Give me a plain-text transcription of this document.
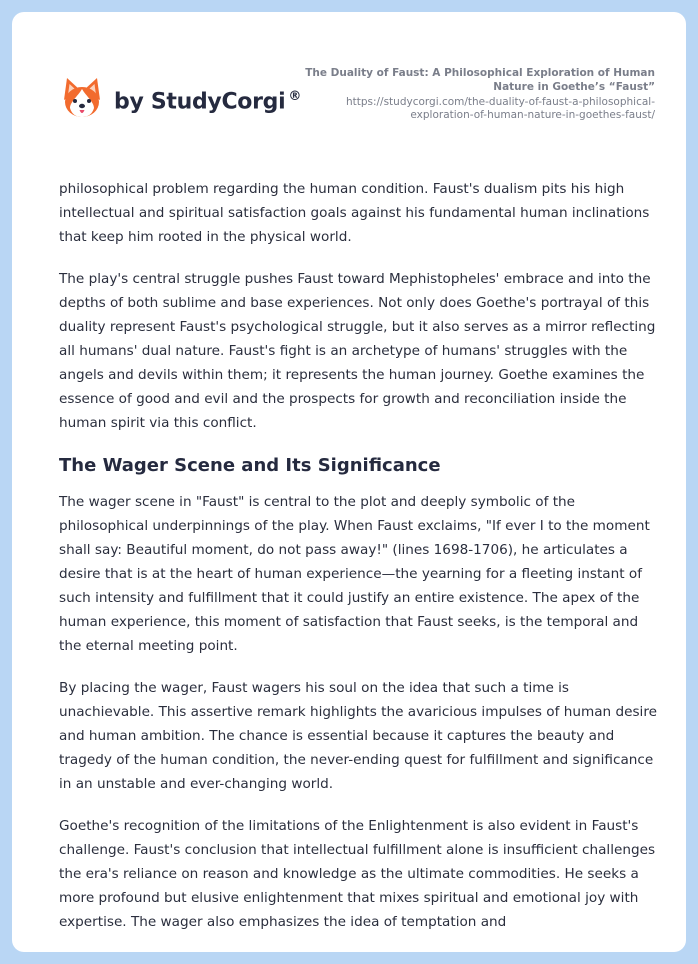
by StudyCorgi ®
The Duality of Faust: A Philosophical Exploration of Human Nature in Goethe’s “Faust”
https://studycorgi.com/the-duality-of-faust-a-philosophical-exploration-of-human-nature-in-goethes-faust/

philosophical problem regarding the human condition. Faust's dualism pits his high intellectual and spiritual satisfaction goals against his fundamental human inclinations that keep him rooted in the physical world.

The play's central struggle pushes Faust toward Mephistopheles' embrace and into the depths of both sublime and base experiences. Not only does Goethe's portrayal of this duality represent Faust's psychological struggle, but it also serves as a mirror reflecting all humans' dual nature. Faust's fight is an archetype of humans' struggles with the angels and devils within them; it represents the human journey. Goethe examines the essence of good and evil and the prospects for growth and reconciliation inside the human spirit via this conflict.

The Wager Scene and Its Significance

The wager scene in "Faust" is central to the plot and deeply symbolic of the philosophical underpinnings of the play. When Faust exclaims, "If ever I to the moment shall say: Beautiful moment, do not pass away!" (lines 1698-1706), he articulates a desire that is at the heart of human experience—the yearning for a fleeting instant of such intensity and fulfillment that it could justify an entire existence. The apex of the human experience, this moment of satisfaction that Faust seeks, is the temporal and the eternal meeting point.

By placing the wager, Faust wagers his soul on the idea that such a time is unachievable. This assertive remark highlights the avaricious impulses of human desire and human ambition. The chance is essential because it captures the beauty and tragedy of the human condition, the never-ending quest for fulfillment and significance in an unstable and ever-changing world.

Goethe's recognition of the limitations of the Enlightenment is also evident in Faust's challenge. Faust's conclusion that intellectual fulfillment alone is insufficient challenges the era's reliance on reason and knowledge as the ultimate commodities. He seeks a more profound but elusive enlightenment that mixes spiritual and emotional joy with expertise. The wager also emphasizes the idea of temptation and
